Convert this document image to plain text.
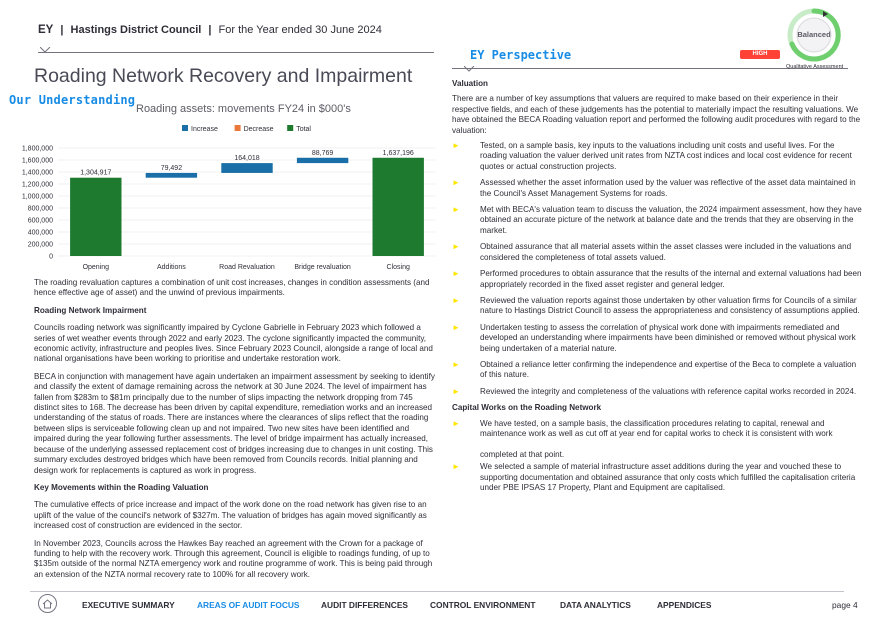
EY | Hastings District Council | For the Year ended 30 June 2024
Roading Network Recovery and Impairment
Our Understanding
EY Perspective	HIGH
Balanced
Qualitative Assessment
Roading assets: movements FY24 in $000's
Increase	Decrease	Total
0
200,000
400,000
600,000
800,000
1,000,000
1,200,000
1,400,000
1,600,000
1,800,000
1,304,917
Opening
79,492
Additions
164,018
Road Revaluation
88,769
Bridge revaluation
1,637,196
Closing

The roading revaluation captures a combination of unit cost increases, changes in condition assessments (and hence effective age of asset) and the unwind of previous impairments.

Roading Network Impairment

Councils roading network was significantly impaired by Cyclone Gabrielle in February 2023 which followed a series of wet weather events through 2022 and early 2023. The cyclone significantly impacted the community, economic activity, infrastructure and peoples lives. Since February 2023 Council, alongside a range of local and national organisations have been working to prioritise and undertake restoration work.

BECA in conjunction with management have again undertaken an impairment assessment by seeking to identify and classify the extent of damage remaining across the network at 30 June 2024. The level of impairment has fallen from $283m to $81m principally due to the number of slips impacting the network dropping from 745 distinct sites to 168. The decrease has been driven by capital expenditure, remediation works and an increased understanding of the status of roads. There are instances where the clearances of slips reflect that the roading between slips is serviceable following clean up and not impaired. Two new sites have been identified and impaired during the year following further assessments. The level of bridge impairment has actually increased, because of the underlying assessed replacement cost of bridges increasing due to changes in unit costing. This summary excludes destroyed bridges which have been removed from Councils records. Initial planning and design work for replacements is captured as work in progress.

Key Movements within the Roading Valuation

The cumulative effects of price increase and impact of the work done on the road network has given rise to an uplift of the value of the council's network of $327m. The valuation of bridges has again moved significantly as increased cost of construction are evidenced in the sector.

In November 2023, Councils across the Hawkes Bay reached an agreement with the Crown for a package of funding to help with the recovery work. Through this agreement, Council is eligible to roadings funding, of up to $135m outside of the normal NZTA emergency work and routine programme of work. This is being paid through an extension of the NZTA normal recovery rate to 100% for all recovery work.

Valuation

There are a number of key assumptions that valuers are required to make based on their experience in their respective fields, and each of these judgements has the potential to materially impact the resulting valuations. We have obtained the BECA Roading valuation report and performed the following audit procedures with regard to the valuation:

►
Tested, on a sample basis, key inputs to the valuations including unit costs and useful lives. For the roading valuation the valuer derived unit rates from NZTA cost indices and local cost evidence for recent quotes or actual construction projects.
►
Assessed whether the asset information used by the valuer was reflective of the asset data maintained in the Council's Asset Management Systems for roads.
►
Met with BECA's valuation team to discuss the valuation, the 2024 impairment assessment, how they have obtained an accurate picture of the network at balance date and the trends that they are observing in the market.
►
Obtained assurance that all material assets within the asset classes were included in the valuations and considered the completeness of total assets valued.
►
Performed procedures to obtain assurance that the results of the internal and external valuations had been appropriately recorded in the fixed asset register and general ledger.
►
Reviewed the valuation reports against those undertaken by other valuation firms for Councils of a similar nature to Hastings District Council to assess the appropriateness and consistency of assumptions applied.
►
Undertaken testing to assess the correlation of physical work done with impairments remediated and developed an understanding where impairments have been diminished or removed without physical work being undertaken of a material nature.
►
Obtained a reliance letter confirming the independence and expertise of the Beca to complete a valuation of this nature.
►
Reviewed the integrity and completeness of the valuations with reference capital works recorded in 2024.

Capital Works on the Roading Network

►
We have tested, on a sample basis, the classification procedures relating to capital, renewal and maintenance work as well as cut off at year end for capital works to check it is consistent with work

completed at that point.
►
We selected a sample of material infrastructure asset additions during the year and vouched these to supporting documentation and obtained assurance that only costs which fulfilled the capitalisation criteria under PBE IPSAS 17 Property, Plant and Equipment are capitalised.
EXECUTIVE SUMMARY	AREAS OF AUDIT FOCUS	AUDIT DIFFERENCES	CONTROL ENVIRONMENT	DATA ANALYTICS	APPENDICES	page 4
